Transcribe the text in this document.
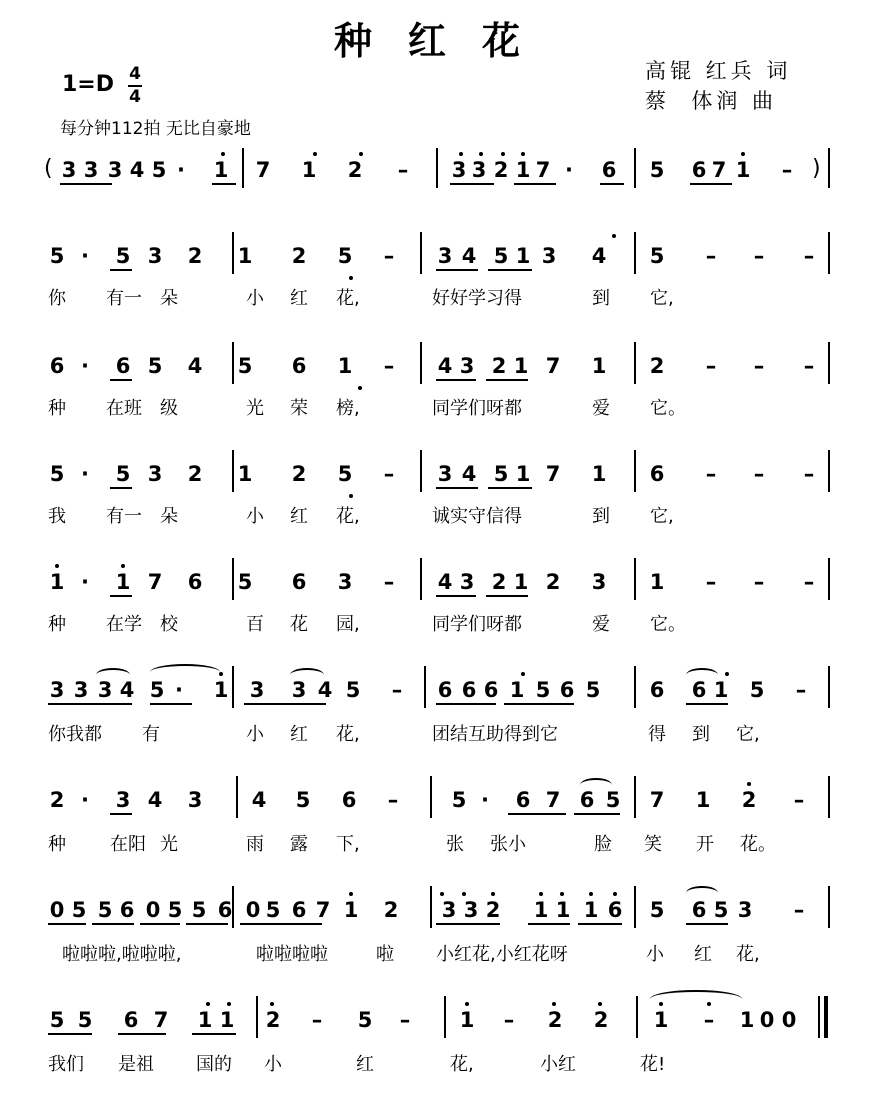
种红花
高锟 红兵 词
蔡  体润 曲
1=D 4
4
每分钟112拍 无比自豪地
( 3 3 3 4 5 ·	1 7 1 2	–	3 3 2 1 7 ·	6 5 6 7 1	– )
5 ·	5 3 2 1 2 5	–	3 4 5 1 3 4 5	–	–	–
你 有一 朵	小 红 花,	好好学习得	到 它,
6 ·	6 5 4 5 6 1	–	4 3 2 1 7 1 2	–	–	–
种 在班 级	光 荣 榜,	同学们呀都	爱 它。
5 ·	5 3 2 1 2 5	–	3 4 5 1 7 1 6	–	–	–
我 有一 朵	小 红 花,	诚实守信得	到 它,
1 ·	1 7 6 5 6 3	–	4 3 2 1 2 3 1	–	–	–
种 在学 校	百 花 园,	同学们呀都	爱 它。
3 3 3 4 5 ·	1 3 3 4 5	–	6 6 6 1 5 6 5 6 6 1 5	–
你我都 有	小 红 花,	团结互助得到它	得 到 它,
2 ·	3 4 3 4 5 6	–	5 ·	6 7 6 5 7 1 2	–
种 在阳 光	雨 露 下,	张 张小	脸 笑 开 花。
0 5 5 6 0 5 5 6 0 5 6 7 1 2 3 3 2 1 1 1 6 5 6 5 3	–
啦啦啦,啦啦啦,	啦啦啦啦	啦 小红花,小红花呀	小 红 花,
5 5 6 7 1 1 2	–	5	–	1	–	2 2 1	–	1 0 0
我们 是祖 国的 小	红	花,	小红	花!
